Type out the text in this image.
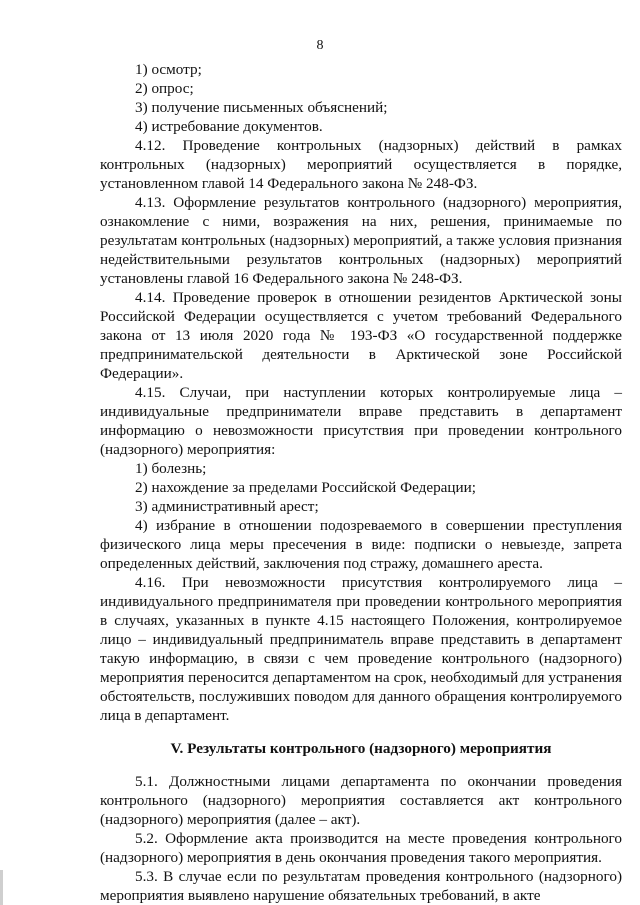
8

1) осмотр;

2) опрос;

3) получение письменных объяснений;

4) истребование документов.

4.12. Проведение контрольных (надзорных) действий в рамках контрольных (надзорных) мероприятий осуществляется в порядке, установленном главой 14 Федерального закона № 248-ФЗ.

4.13. Оформление результатов контрольного (надзорного) мероприятия, ознакомление с ними, возражения на них, решения, принимаемые по результатам контрольных (надзорных) мероприятий, а также условия признания недействительными результатов контрольных (надзорных) мероприятий установлены главой 16 Федерального закона № 248-ФЗ.

4.14. Проведение проверок в отношении резидентов Арктической зоны Российской Федерации осуществляется с учетом требований Федерального закона от 13 июля 2020 года № 193-ФЗ «О государственной поддержке предпринимательской деятельности в Арктической зоне Российской Федерации».

4.15. Случаи, при наступлении которых контролируемые лица – индивидуальные предприниматели вправе представить в департамент информацию о невозможности присутствия при проведении контрольного (надзорного) мероприятия:

1) болезнь;

2) нахождение за пределами Российской Федерации;

3) административный арест;

4) избрание в отношении подозреваемого в совершении преступления физического лица меры пресечения в виде: подписки о невыезде, запрета определенных действий, заключения под стражу, домашнего ареста.

4.16. При невозможности присутствия контролируемого лица – индивидуального предпринимателя при проведении контрольного мероприятия в случаях, указанных в пункте 4.15 настоящего Положения, контролируемое лицо – индивидуальный предприниматель вправе представить в департамент такую информацию, в связи с чем проведение контрольного (надзорного) мероприятия переносится департаментом на срок, необходимый для устранения обстоятельств, послуживших поводом для данного обращения контролируемого лица в департамент.

V. Результаты контрольного (надзорного) мероприятия

5.1. Должностными лицами департамента по окончании проведения контрольного (надзорного) мероприятия составляется акт контрольного (надзорного) мероприятия (далее – акт).

5.2. Оформление акта производится на месте проведения контрольного (надзорного) мероприятия в день окончания проведения такого мероприятия.

5.3. В случае если по результатам проведения контрольного (надзорного) мероприятия выявлено нарушение обязательных требований, в акте
